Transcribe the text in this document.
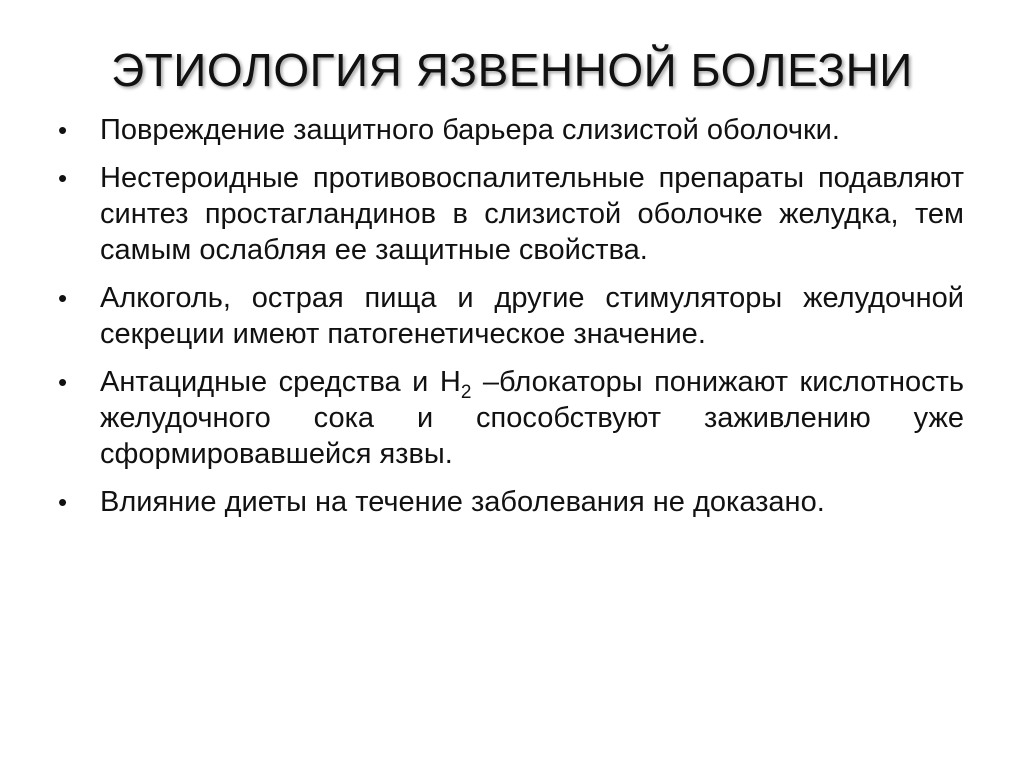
ЭТИОЛОГИЯ ЯЗВЕННОЙ БОЛЕЗНИ
•	Повреждение защитного барьера слизистой оболочки.
•	Нестероидные противовоспалительные препараты подавляют синтез простагландинов в слизистой оболочке желудка, тем самым ослабляя ее защитные свойства.
•	Алкоголь, острая пища и другие стимуляторы желудочной секреции имеют патогенетическое значение.
•	Антацидные средства и $Н_2$ –блокаторы понижают кислотность желудочного сока и способствуют заживлению уже сформировавшейся язвы.
•	Влияние диеты на течение заболевания не доказано.
